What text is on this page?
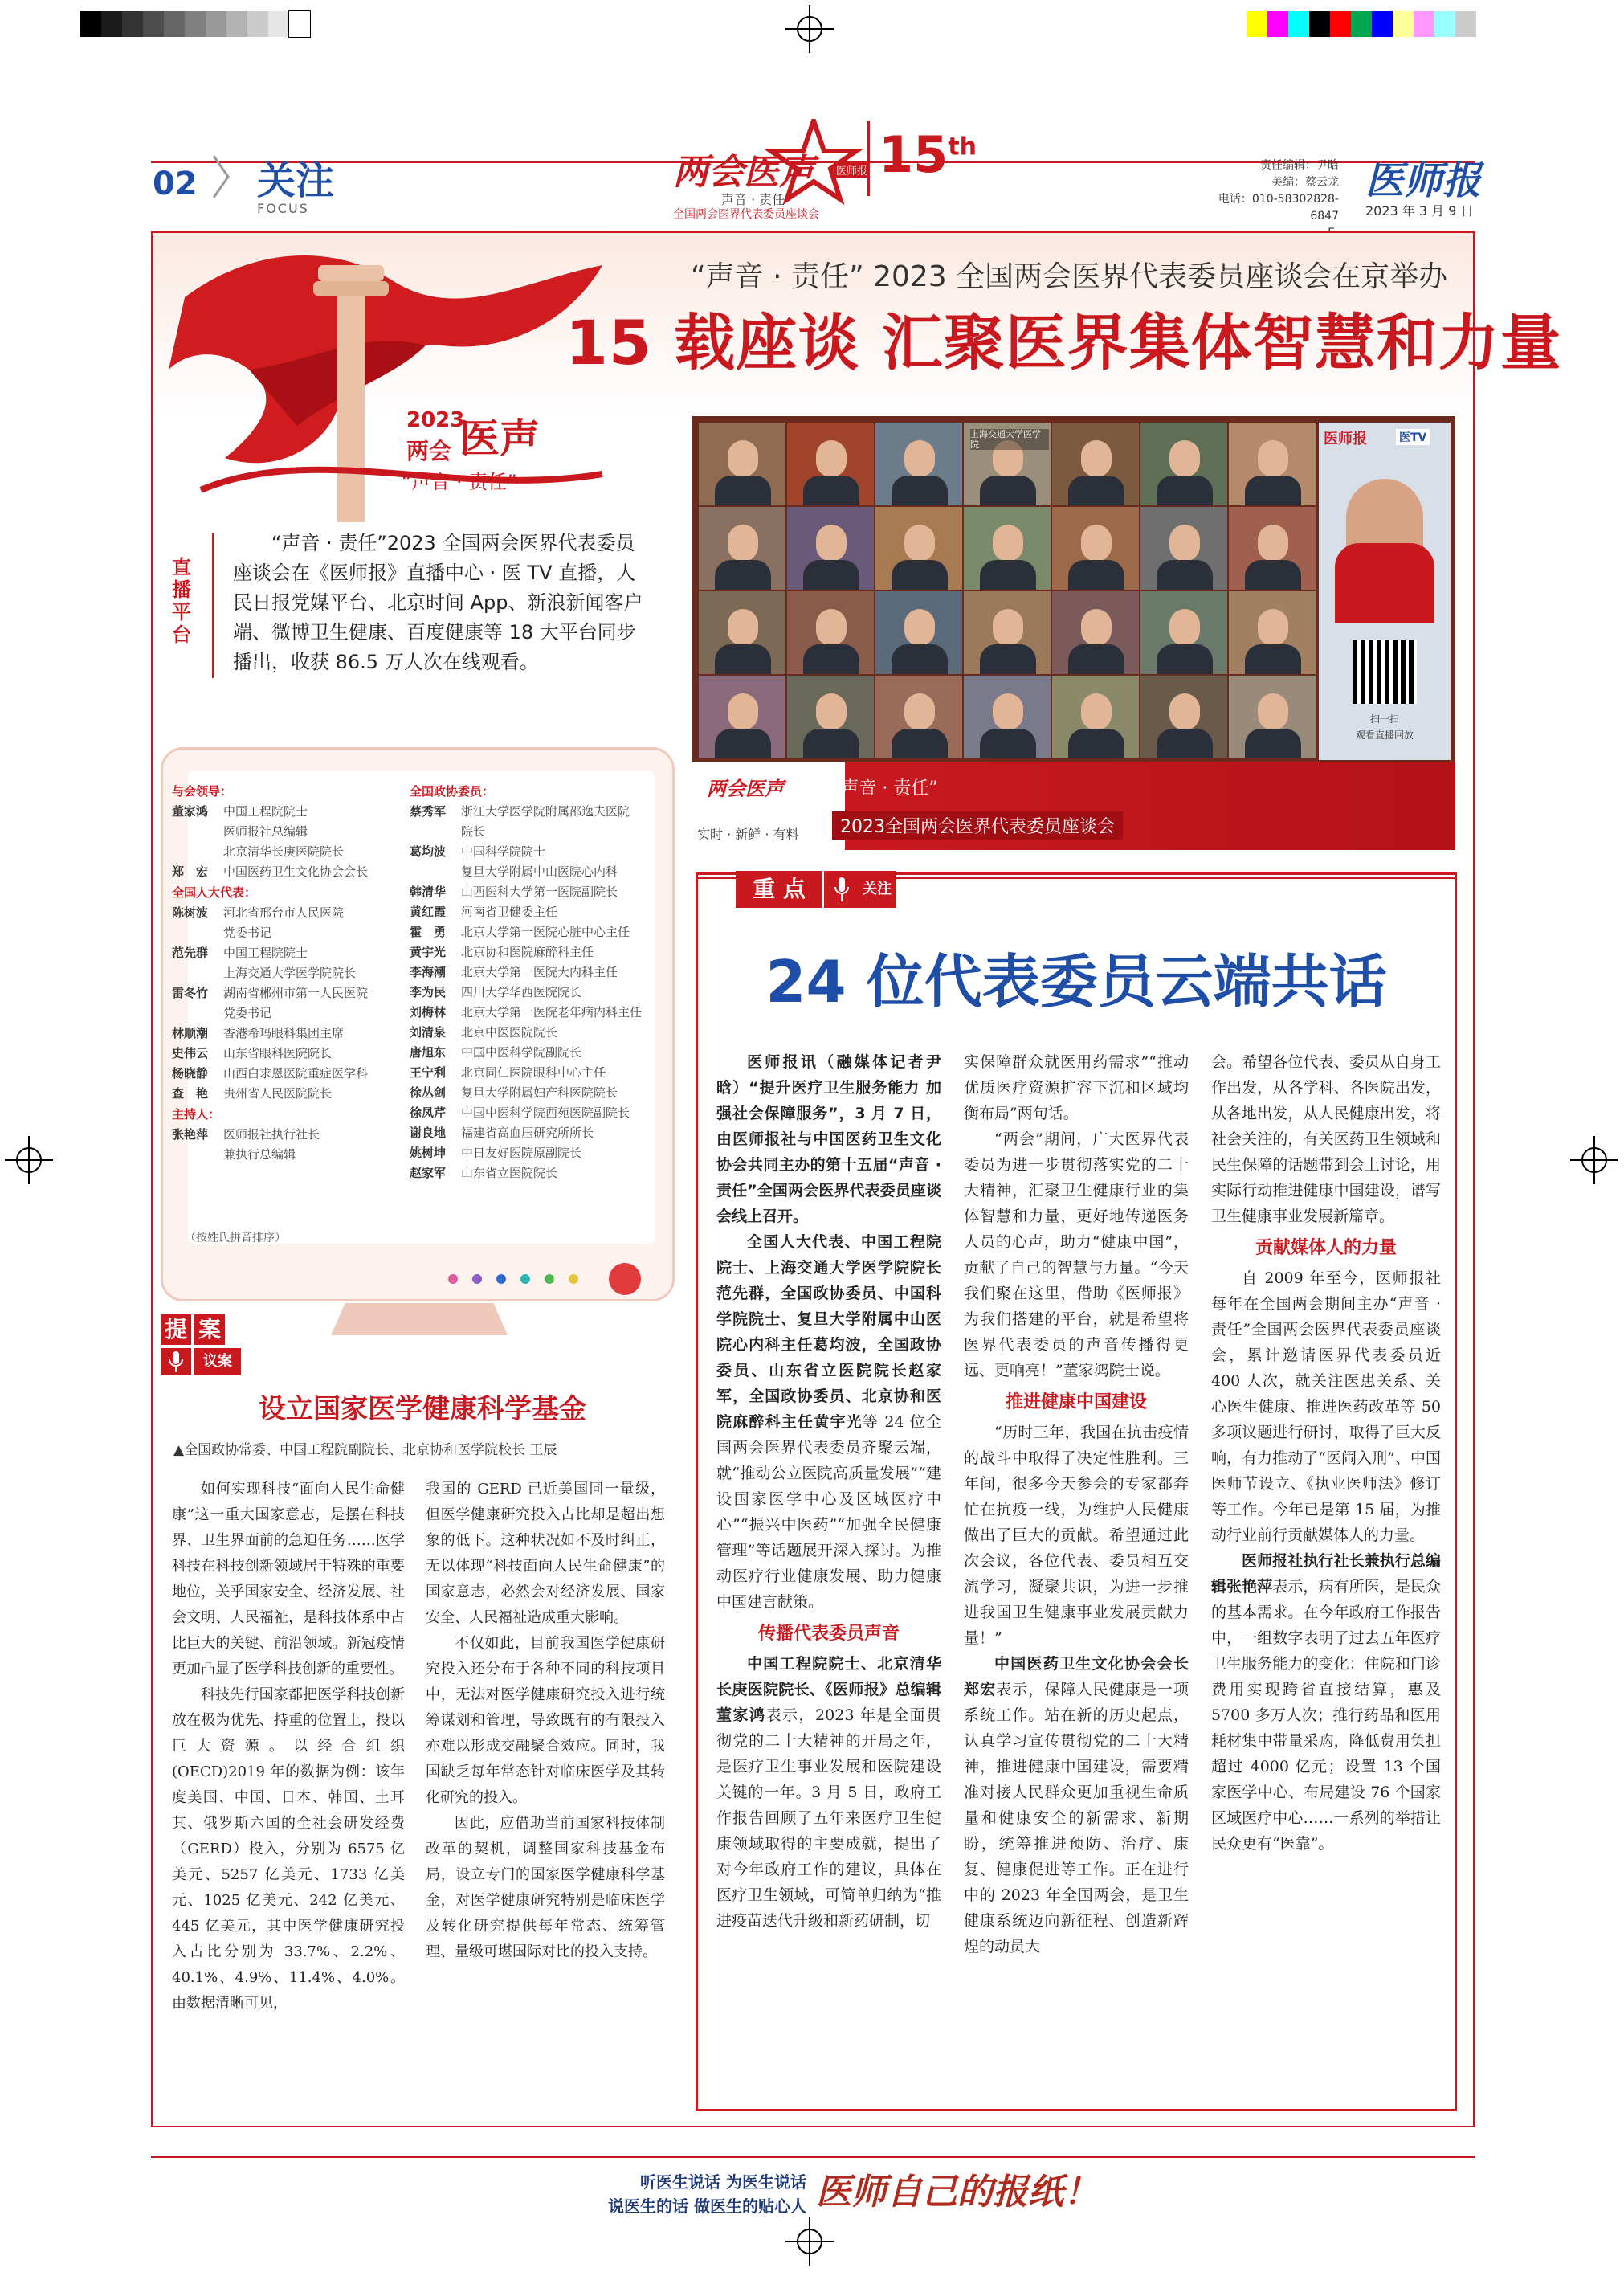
02 关注
FOCUS
两会医声 医师报
声音 · 责任
全国两会医界代表委员座谈会
15th
责任编辑：尹晗
美编：蔡云龙
电话：010-58302828-6847
医师报
2023 年 3 月 9 日
“声音 · 责任” 2023 全国两会医界代表委员座谈会在京举办
15 载座谈 汇聚医界集体智慧和力量
2023
两会 医声
“声音 · 责任”
直播平台
“声音 · 责任”2023 全国两会医界代表委员座谈会在《医师报》直播中心 · 医 TV 直播，人民日报党媒平台、北京时间 App、新浪新闻客户端、微博卫生健康、百度健康等 18 大平台同步播出，收获 86.5 万人次在线观看。
上海交通大学医学院	医师报	医TV
扫一扫
观看直播回放
两会医声
实时 · 新鲜 · 有料
“声音 · 责任”
2023全国两会医界代表委员座谈会
与会领导：
董家鸿	中国工程院院士
医师报社总编辑
北京清华长庚医院院长
郑　宏	中国医药卫生文化协会会长
全国人大代表：
陈树波	河北省邢台市人民医院
党委书记
范先群	中国工程院院士
上海交通大学医学院院长
雷冬竹	湖南省郴州市第一人民医院
党委书记
林顺潮	香港希玛眼科集团主席
史伟云	山东省眼科医院院长
杨晓静	山西白求恩医院重症医学科
查　艳	贵州省人民医院院长
主持人：
张艳萍	医师报社执行社长
兼执行总编辑
全国政协委员：
蔡秀军	浙江大学医学院附属邵逸夫医院
院长
葛均波	中国科学院院士
复旦大学附属中山医院心内科
韩清华	山西医科大学第一医院副院长
黄红霞	河南省卫健委主任
霍　勇	北京大学第一医院心脏中心主任
黄宇光	北京协和医院麻醉科主任
李海潮	北京大学第一医院大内科主任
李为民	四川大学华西医院院长
刘梅林	北京大学第一医院老年病内科主任
刘清泉	北京中医医院院长
唐旭东	中国中医科学院副院长
王宁利	北京同仁医院眼科中心主任
徐丛剑	复旦大学附属妇产科医院院长
徐凤芹	中国中医科学院西苑医院副院长
谢良地	福建省高血压研究所所长
姚树坤	中日友好医院原副院长
赵家军	山东省立医院院长
（按姓氏拼音排序）
提 案
议案
设立国家医学健康科学基金
▲全国政协常委、中国工程院副院长、北京协和医学院校长 王辰
如何实现科技“面向人民生命健康”这一重大国家意志，是摆在科技界、卫生界面前的急迫任务……医学科技在科技创新领域居于特殊的重要地位，关乎国家安全、经济发展、社会文明、人民福祉，是科技体系中占比巨大的关键、前沿领域。新冠疫情更加凸显了医学科技创新的重要性。
科技先行国家都把医学科技创新放在极为优先、持重的位置上，投以巨大资源。以经合组织 (OECD)2019 年的数据为例：该年度美国、中国、日本、韩国、土耳其、俄罗斯六国的全社会研发经费（GERD）投入，分别为 6575 亿美元、5257 亿美元、1733 亿美元、1025 亿美元、242 亿美元、445 亿美元，其中医学健康研究投入占比分别为 33.7%、2.2%、40.1%、4.9%、11.4%、4.0%。由数据清晰可见，
我国的 GERD 已近美国同一量级，但医学健康研究投入占比却是超出想象的低下。这种状况如不及时纠正，无以体现“科技面向人民生命健康”的国家意志，必然会对经济发展、国家安全、人民福祉造成重大影响。
不仅如此，目前我国医学健康研究投入还分布于各种不同的科技项目中，无法对医学健康研究投入进行统筹谋划和管理，导致既有的有限投入亦难以形成交融聚合效应。同时，我国缺乏每年常态针对临床医学及其转化研究的投入。
因此，应借助当前国家科技体制改革的契机，调整国家科技基金布局，设立专门的国家医学健康科学基金，对医学健康研究特别是临床医学及转化研究提供每年常态、统筹管理、量级可堪国际对比的投入支持。
重 点	关注
24 位代表委员云端共话
医师报讯（融媒体记者尹晗）“提升医疗卫生服务能力 加强社会保障服务”，3 月 7 日，由医师报社与中国医药卫生文化协会共同主办的第十五届“声音 · 责任”全国两会医界代表委员座谈会线上召开。
全国人大代表、中国工程院院士、上海交通大学医学院院长范先群，全国政协委员、中国科学院院士、复旦大学附属中山医院心内科主任葛均波，全国政协委员、山东省立医院院长赵家军，全国政协委员、北京协和医院麻醉科主任黄宇光等 24 位全国两会医界代表委员齐聚云端，就“推动公立医院高质量发展”“建设国家医学中心及区域医疗中心”“振兴中医药”“加强全民健康管理”等话题展开深入探讨。为推动医疗行业健康发展、助力健康中国建言献策。
传播代表委员声音
中国工程院院士、北京清华长庚医院院长、《医师报》总编辑董家鸿表示，2023 年是全面贯彻党的二十大精神的开局之年，是医疗卫生事业发展和医院建设关键的一年。3 月 5 日，政府工作报告回顾了五年来医疗卫生健康领域取得的主要成就，提出了对今年政府工作的建议，具体在医疗卫生领域，可简单归纳为“推进疫苗迭代升级和新药研制，切
实保障群众就医用药需求”“推动优质医疗资源扩容下沉和区域均衡布局”两句话。
“两会”期间，广大医界代表委员为进一步贯彻落实党的二十大精神，汇聚卫生健康行业的集体智慧和力量，更好地传递医务人员的心声，助力“健康中国”，贡献了自己的智慧与力量。“今天我们聚在这里，借助《医师报》为我们搭建的平台，就是希望将医界代表委员的声音传播得更远、更响亮！”董家鸿院士说。
推进健康中国建设
“历时三年，我国在抗击疫情的战斗中取得了决定性胜利。三年间，很多今天参会的专家都奔忙在抗疫一线，为维护人民健康做出了巨大的贡献。希望通过此次会议，各位代表、委员相互交流学习，凝聚共识，为进一步推进我国卫生健康事业发展贡献力量！”
中国医药卫生文化协会会长郑宏表示，保障人民健康是一项系统工作。站在新的历史起点，认真学习宣传贯彻党的二十大精神，推进健康中国建设，需要精准对接人民群众更加重视生命质量和健康安全的新需求、新期盼，统筹推进预防、治疗、康复、健康促进等工作。正在进行中的 2023 年全国两会，是卫生健康系统迈向新征程、创造新辉煌的动员大
会。希望各位代表、委员从自身工作出发，从各学科、各医院出发，从各地出发，从人民健康出发，将社会关注的，有关医药卫生领域和民生保障的话题带到会上讨论，用实际行动推进健康中国建设，谱写卫生健康事业发展新篇章。
贡献媒体人的力量
自 2009 年至今，医师报社每年在全国两会期间主办“声音 · 责任”全国两会医界代表委员座谈会，累计邀请医界代表委员近 400 人次，就关注医患关系、关心医生健康、推进医药改革等 50 多项议题进行研讨，取得了巨大反响，有力推动了“医闹入刑”、中国医师节设立、《执业医师法》修订等工作。今年已是第 15 届，为推动行业前行贡献媒体人的力量。
医师报社执行社长兼执行总编辑张艳萍表示，病有所医，是民众的基本需求。在今年政府工作报告中，一组数字表明了过去五年医疗卫生服务能力的变化：住院和门诊费用实现跨省直接结算，惠及 5700 多万人次；推行药品和医用耗材集中带量采购，降低费用负担超过 4000 亿元；设置 13 个国家医学中心、布局建设 76 个国家区域医疗中心……一系列的举措让民众更有“医靠”。
听医生说话 为医生说话
说医生的话 做医生的贴心人 医师自己的报纸！
